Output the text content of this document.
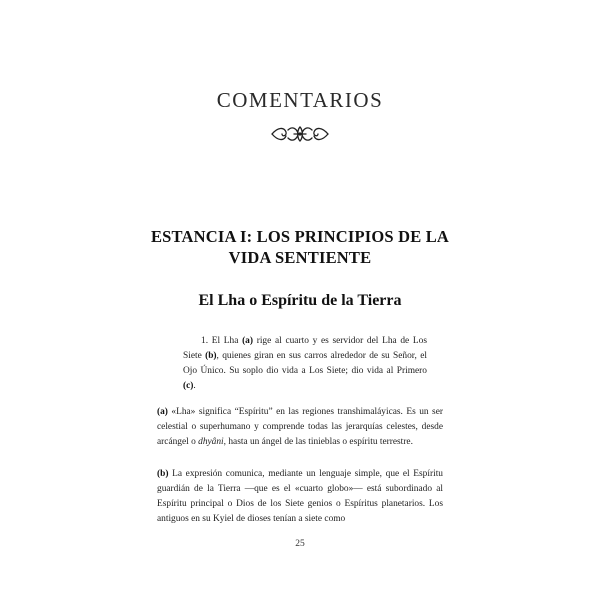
COMENTARIOS
ESTANCIA I: LOS PRINCIPIOS DE LA VIDA SENTIENTE
El Lha o Espíritu de la Tierra

1. El Lha (a) rige al cuarto y es servidor del Lha de Los Siete (b), quienes giran en sus carros alrededor de su Señor, el Ojo Único. Su soplo dio vida a Los Siete; dio vida al Primero (c).

(a) «Lha» significa “Espíritu” en las regiones transhimaláyicas. Es un ser celestial o superhumano y comprende todas las jerarquías celestes, desde arcángel o dhyâni, hasta un ángel de las tinieblas o espíritu terrestre.

(b) La expresión comunica, mediante un lenguaje simple, que el Espíritu guardián de la Tierra —que es el «cuarto globo»— está subordinado al Espíritu principal o Dios de los Siete genios o Espíritus planetarios. Los antiguos en su Kyiel de dioses tenían a siete como

25
